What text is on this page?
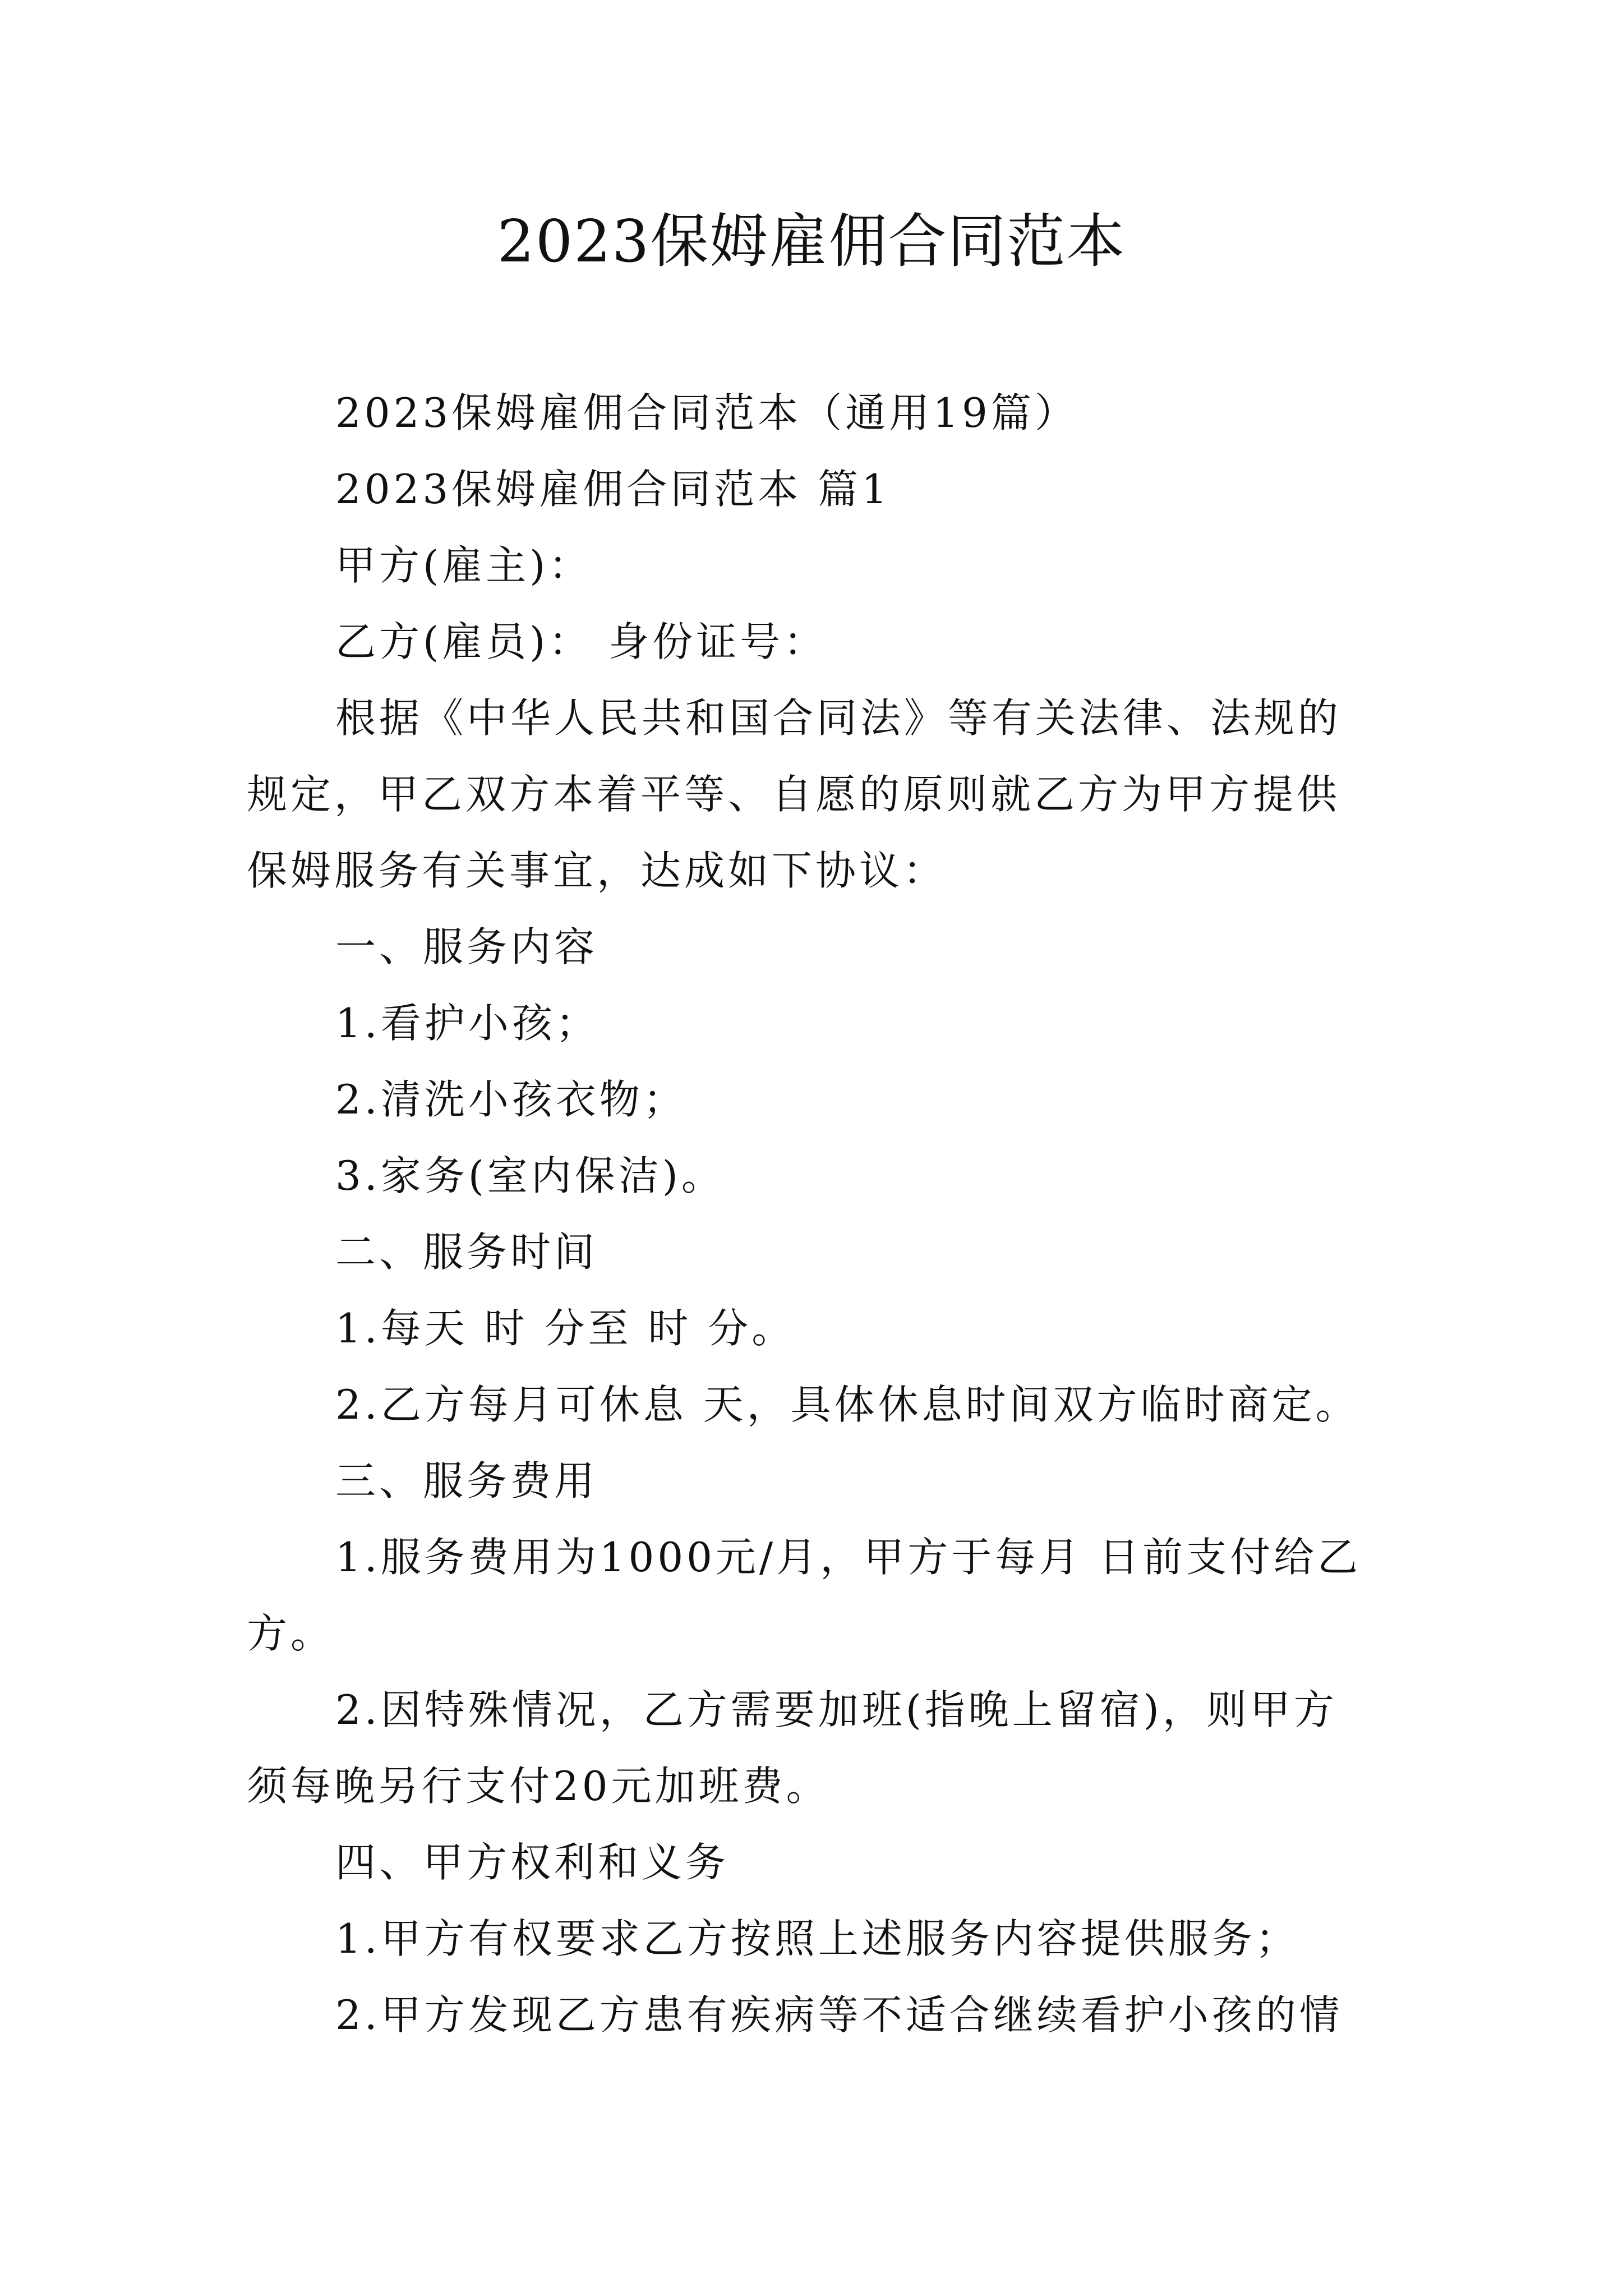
2023保姆雇佣合同范本

2023保姆雇佣合同范本（通用19篇）

2023保姆雇佣合同范本 篇1

甲方(雇主)：

乙方(雇员)： 身份证号：

根据《中华人民共和国合同法》等有关法律、法规的规定，甲乙双方本着平等、自愿的原则就乙方为甲方提供保姆服务有关事宜，达成如下协议：

一、服务内容

1.看护小孩；

2.清洗小孩衣物；

3.家务(室内保洁)。

二、服务时间

1.每天 时 分至 时 分。

2.乙方每月可休息 天，具体休息时间双方临时商定。

三、服务费用

1.服务费用为1000元/月，甲方于每月 日前支付给乙方。

2.因特殊情况，乙方需要加班(指晚上留宿)，则甲方须每晚另行支付20元加班费。

四、甲方权利和义务

1.甲方有权要求乙方按照上述服务内容提供服务；

2.甲方发现乙方患有疾病等不适合继续看护小孩的情
